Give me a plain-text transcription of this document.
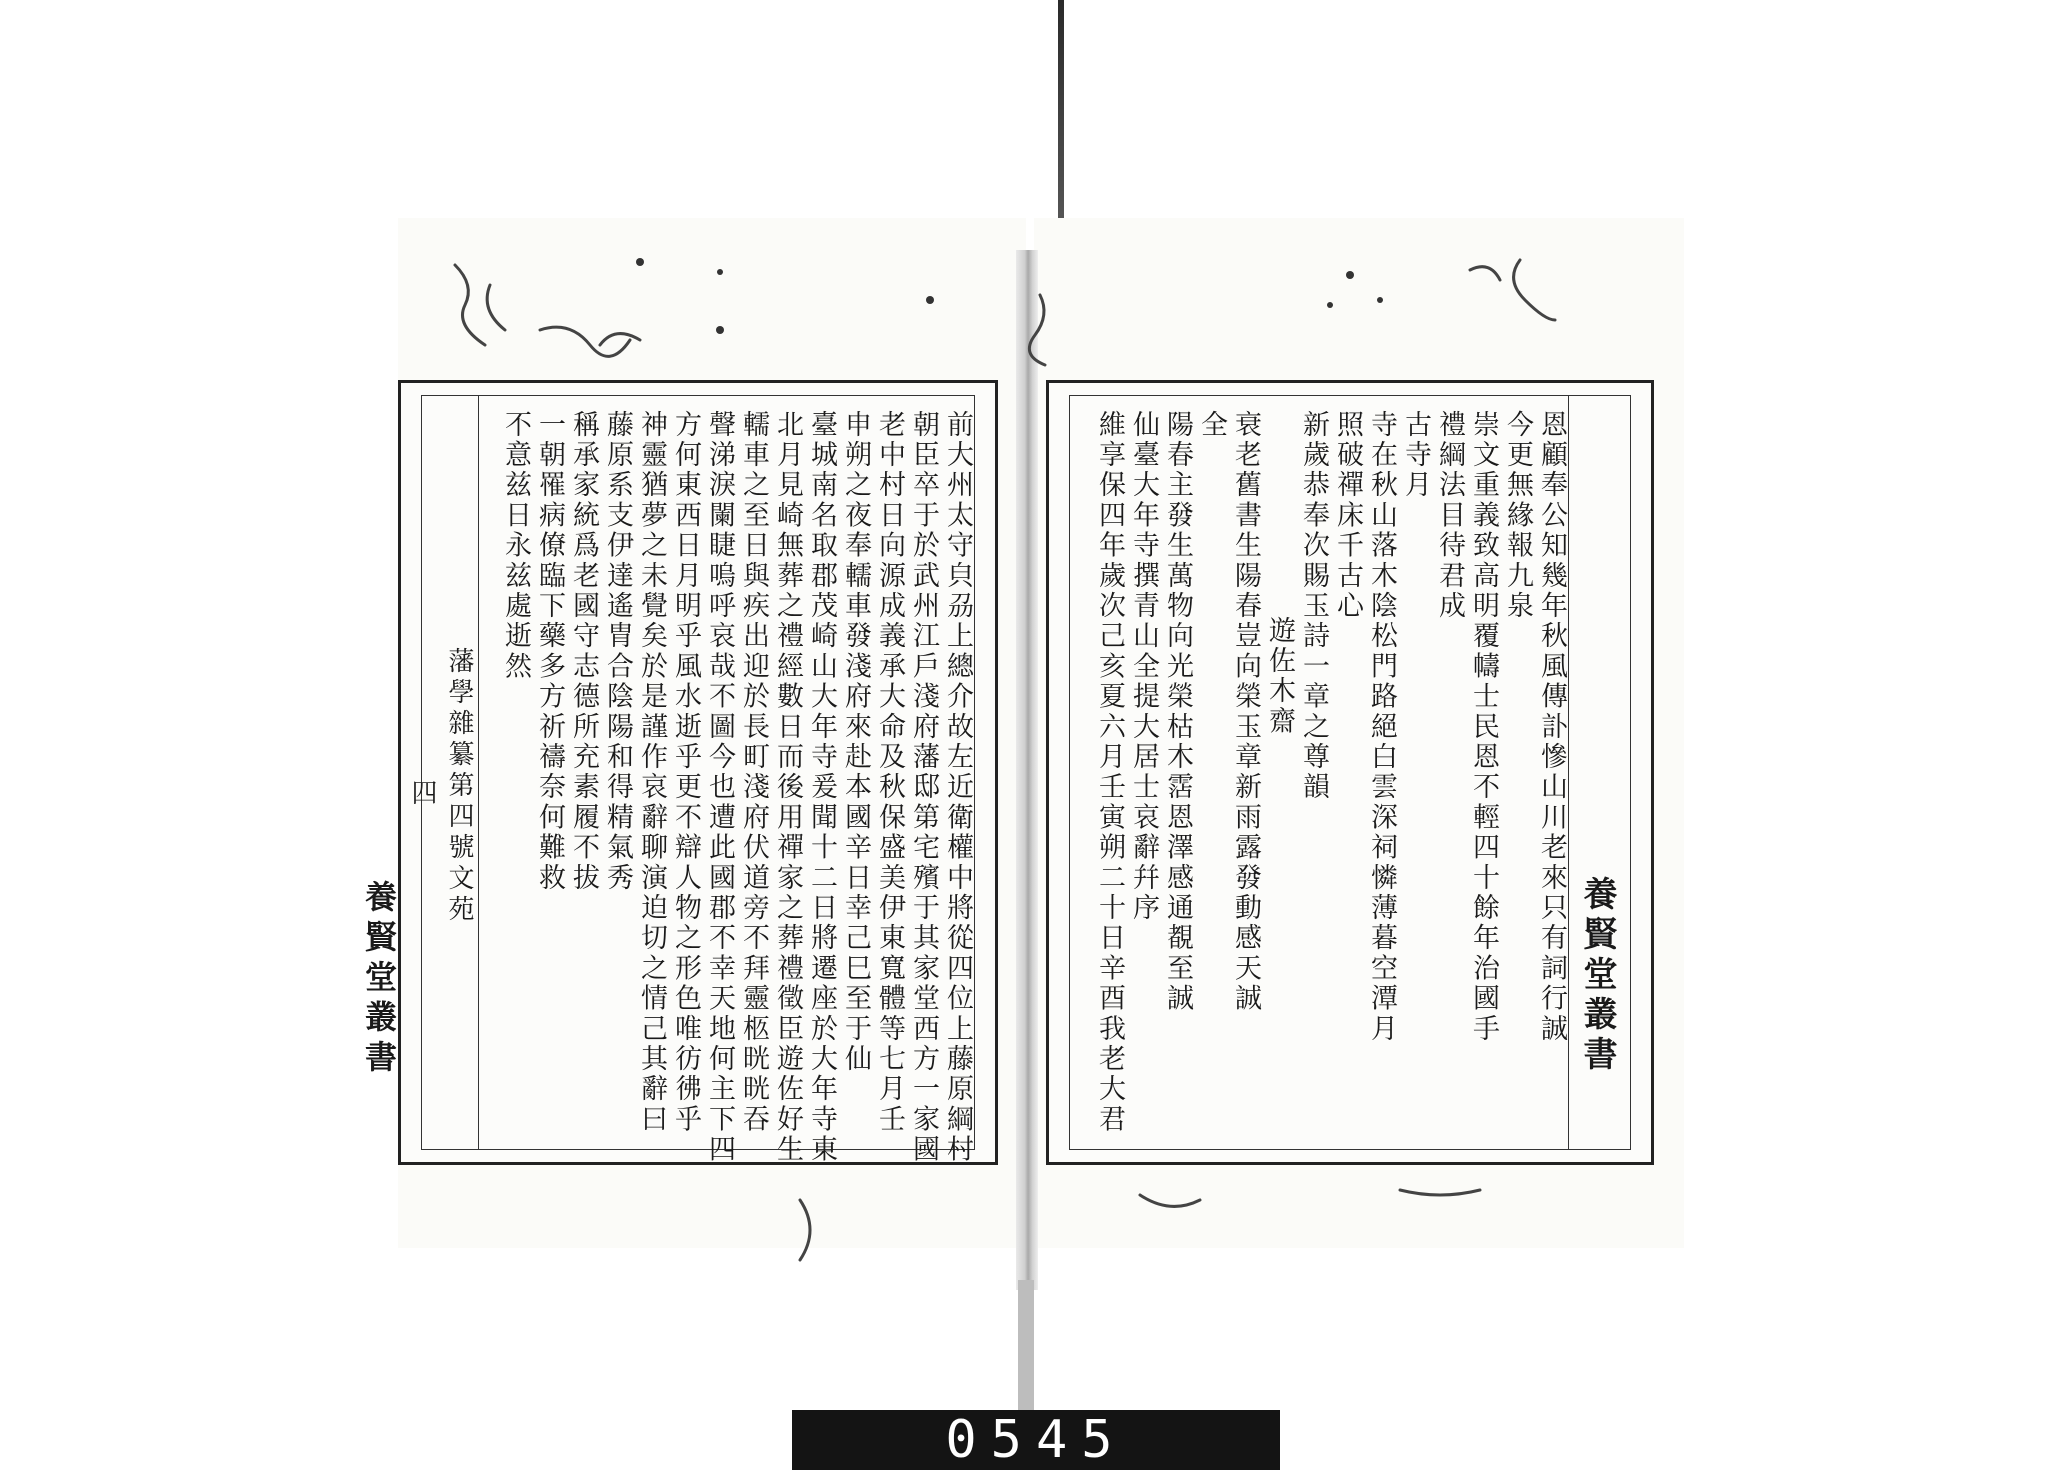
藩學雜纂第四號文苑
四	前大州太守㒵刕上總介故左近衛權中將從四位上藤原綱村
朝臣卒于於武州江戶淺府藩邸第宅殯于其家堂西方一家國
老中村日向源成義承大命及秋保盛美伊東寬體等七月壬
申朔之夜奉轜車發淺府來赴本國辛日幸己巳至于仙
臺城南名取郡茂崎山大年寺爰聞十二日將遷座於大年寺東
北月見崎無葬之禮經數日而後用禪家之葬禮徵臣遊佐好生
轜車之至日與疾出迎於長町淺府伏道旁不拜靈柩晄晄吞
聲涕淚闌睫嗚呼哀哉不圖今也遭此國郡不幸天地何主下四
方何東西日月明乎風水逝乎更不辯人物之形色唯彷彿乎
神靈猶夢之未覺矣於是謹作哀辭聊演迫切之情己其辭曰
藤原系支伊達遙胄合陰陽和得精氣秀
稱承家統爲老國守志德所充素履不拔
一朝罹病僚臨下藥多方祈禱奈何難救
不意兹日永兹處逝然
養賢堂叢書	養賢堂叢書
恩顧奉公知幾年秋風傳訃慘山川老來只有詞行誠
今更無緣報九泉
崇文重義致高明覆幬士民恩不輕四十餘年治國手
禮綱法目待君成
古寺月
寺在秋山落木陰松門路絕白雲深祠憐薄暮空潭月
照破禪床千古心
新歲恭奉次賜玉詩一章之尊韻
遊佐木齋
衰老舊書生陽春豈向榮玉章新雨露發動感天誠
全
陽春主發生萬物向光榮枯木霑恩澤感通覩至誠
仙臺大年寺撰青山全提大居士哀辭幷序
維享保四年歲次己亥夏六月壬寅朔二十日辛酉我老大君
0545
